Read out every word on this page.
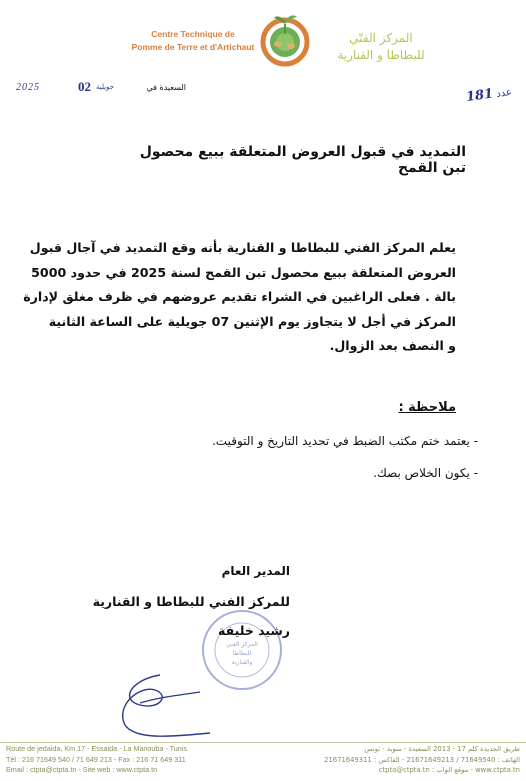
Centre Technique de
Pomme de Terre et d'Artichaut
المركز الفنّي
للبطاطا و القنارية
181 عدد
2025	02 جويلية	السعيدة في
التمديد في قبول العروض المتعلقة ببيع محصول تبن القمح
يعلم المركز الفني للبطاطا و القنارية بأنه وقع التمديد في آجال قبول
العروض المتعلقة ببيع محصول تبن القمح لسنة 2025 في حدود 5000
بالة . فعلى الراغبين في الشراء تقديم عروضهم في ظرف مغلق لإدارة
المركز في أجل لا يتجاوز يوم الإثنين 07 جويلية على الساعة الثانية
و النصف بعد الزوال.
ملاحظة :
- يعتمد ختم مكتب الضبط في تحديد التاريخ و التوقيت.
- يكون الخلاص بصك.
المركز الفني
للبطاطا
والقنارية
المدير العام
للمركز الفني للبطاطا و القنارية
رشيد خليفة
Route de jedaida, Km 17 - Essaida - La Manouba - Tunis
Tél : 216 71649 540 / 71 649 213 - Fax : 216 71 649 311
Email : ctpta@ctpta.tn - Site web : www.ctpta.tn
طريق الجديدة كلم 17 - 2013 السعيدة - منوبة - تونس
الهاتف : 71649540 / 21671649213 - الفاكس : 21671649311
www.ctpta.tn - موقع الواب : ctpta@ctpta.tn
